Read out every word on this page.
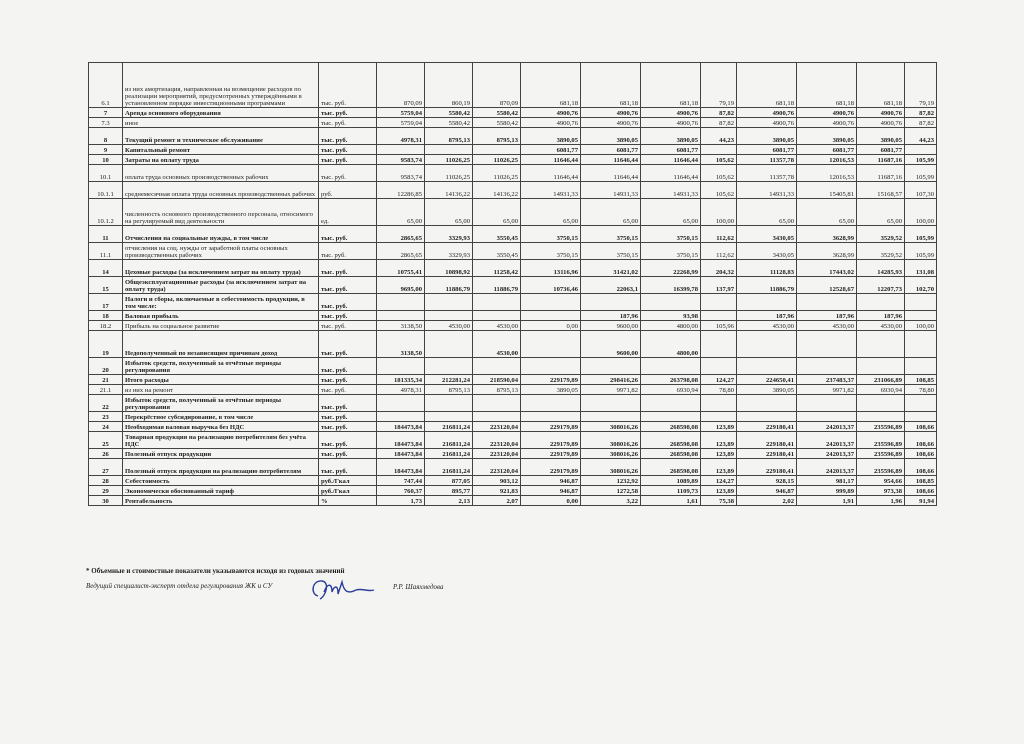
6.1	из них амортизация, направленная на возмещение расходов по реализации мероприятий, предусмотренных утверждёнными в установленном порядке инвестиционными программами	тыс. руб.	870,09	860,19	870,09	681,18	681,18	681,18	79,19	681,18	681,18	681,18	79,19
7	Аренда основного оборудования	тыс. руб.	5759,04	5580,42	5580,42	4900,76	4900,76	4900,76	87,82	4900,76	4900,76	4900,76	87,82
7.3	иное	тыс. руб.	5759,04	5580,42	5580,42	4900,76	4900,76	4900,76	87,82	4900,76	4900,76	4900,76	87,82
8	Текущий ремонт и техническое обслуживание	тыс. руб.	4978,31	8795,13	8795,13	3890,05	3890,05	3890,05	44,23	3890,05	3890,05	3890,05	44,23
9	Капитальный ремонт	тыс. руб.				6081,77	6081,77	6081,77		6081,77	6081,77	6081,77	
10	Затраты на оплату труда	тыс. руб.	9583,74	11026,25	11026,25	11646,44	11646,44	11646,44	105,62	11357,78	12016,53	11687,16	105,99
10.1	оплата труда основных производственных рабочих	тыс. руб.	9583,74	11026,25	11026,25	11646,44	11646,44	11646,44	105,62	11357,78	12016,53	11687,16	105,99
10.1.1	среднемесячная оплата труда основных производственных рабочих	руб.	12286,85	14136,22	14136,22	14931,33	14931,33	14931,33	105,62	14931,33	15405,81	15168,57	107,30
10.1.2	численность основного производственного персонала, относимого на регулируемый вид деятельности	ед.	65,00	65,00	65,00	65,00	65,00	65,00	100,00	65,00	65,00	65,00	100,00
11	Отчисления на социальные нужды, в том числе	тыс. руб.	2865,65	3329,93	3550,45	3750,15	3750,15	3750,15	112,62	3430,05	3628,99	3529,52	105,99
11.1	отчисления на соц. нужды от заработной платы основных производственных рабочих	тыс. руб.	2865,65	3329,93	3550,45	3750,15	3750,15	3750,15	112,62	3430,05	3628,99	3529,52	105,99
14	Цеховые расходы (за исключением затрат на оплату труда)	тыс. руб.	10755,41	10898,92	11258,42	13116,96	31421,02	22268,99	204,32	11128,83	17443,02	14285,93	131,08
15	Общеэксплуатационные расходы (за исключением затрат на оплату труда)	тыс. руб.	9695,00	11886,79	11886,79	10736,46	22063,1	16399,78	137,97	11886,79	12528,67	12207,73	102,70
17	Налоги и сборы, включаемые в себестоимость продукции, в том числе:	тыс. руб.											
18	Валовая прибыль	тыс. руб.					187,96	93,98		187,96	187,96	187,96	
18.2	Прибыль на социальное развитие	тыс. руб.	3138,50	4530,00	4530,00	0,00	9600,00	4800,00	105,96	4530,00	4530,00	4530,00	100,00
19	Недополученный по независящим причинам доход	тыс. руб.	3138,50		4530,00		9600,00	4800,00					
20	Избыток средств, полученный за отчётные периоды регулирования	тыс. руб.											
21	Итого расходы	тыс. руб.	181335,34	212281,24	218590,04	229179,89	298416,26	263798,08	124,27	224650,41	237483,37	231066,89	108,85
21.1	из них на ремонт	тыс. руб.	4978,31	8795,13	8795,13	3890,05	9971,82	6930,94	78,80	3890,05	9971,82	6930,94	78,80
22	Избыток средств, полученный за отчётные периоды регулирования	тыс. руб.											
23	Перекрёстное субсидирование, в том числе	тыс. руб.											
24	Необходимая валовая выручка без НДС	тыс. руб.	184473,84	216811,24	223120,04	229179,89	308016,26	268598,08	123,89	229180,41	242013,37	235596,89	108,66
25	Товарная продукция на реализацию потребителям без учёта НДС	тыс. руб.	184473,84	216811,24	223120,04	229179,89	308016,26	268598,08	123,89	229180,41	242013,37	235596,89	108,66
26	Полезный отпуск продукции	тыс. руб.	184473,84	216811,24	223120,04	229179,89	308016,26	268598,08	123,89	229180,41	242013,37	235596,89	108,66
27	Полезный отпуск продукции на реализацию потребителям	тыс. руб.	184473,84	216811,24	223120,04	229179,89	308016,26	268598,08	123,89	229180,41	242013,37	235596,89	108,66
28	Себестоимость	руб./Гкал	747,44	877,05	903,12	946,87	1232,92	1089,89	124,27	928,15	981,17	954,66	108,85
29	Экономически обоснованный тариф	руб./Гкал	760,37	895,77	921,83	946,87	1272,58	1109,73	123,89	946,87	999,89	973,38	108,66
30	Рентабельность	%	1,73	2,13	2,07	0,00	3,22	1,61	75,38	2,02	1,91	1,96	91,94
* Объемные и стоимостные показатели указываются исходя из годовых значений
Ведущий специалист-эксперт отдела регулирования ЖК и СУ	Р.Р. Шаяхмедова
